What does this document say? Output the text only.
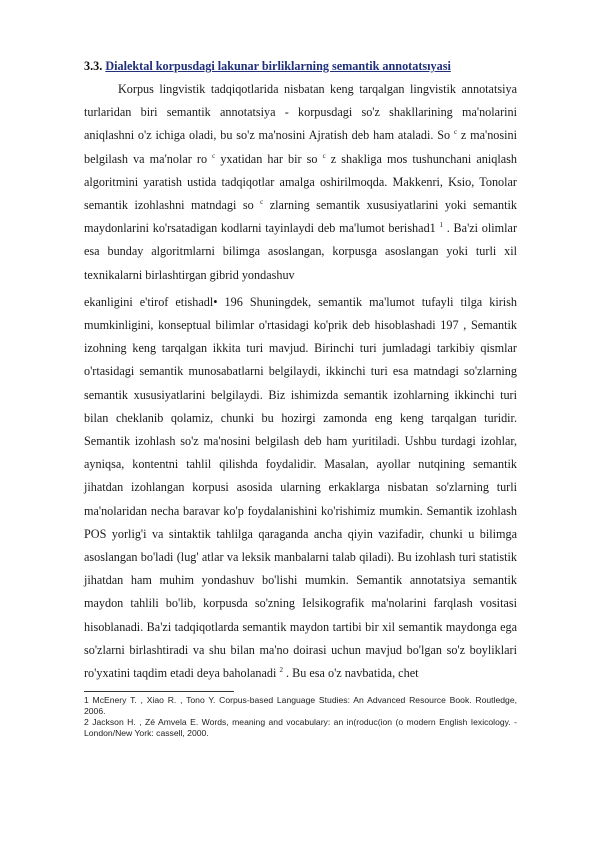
3.3. Dialektal korpusdagi lakunar birliklarning semantik annotatsıyasi

Korpus lingvistik tadqiqotlarida nisbatan keng tarqalgan lingvistik annotatsiya turlaridan biri semantik annotatsiya - korpusdagi so'z shakllarining ma'nolarini aniqlashni o'z ichiga oladi, bu so'z ma'nosini Ajratish deb ham ataladi. So $^c$ z ma'nosini belgilash va ma'nolar ro $^c$ yxatidan har bir so $^c$ z shakliga mos tushunchani aniqlash algoritmini yaratish ustida tadqiqotlar amalga oshirilmoqda. Makkenri, Ksio, Tonolar semantik izohlashni matndagi so $^c$ zlarning semantik xususiyatlarini yoki semantik maydonlarini ko'rsatadigan kodlarni tayinlaydi deb ma'lumot berishad1 $^1$ . Ba'zi olimlar esa bunday algoritmlarni bilimga asoslangan, korpusga asoslangan yoki turli xil texnikalarni birlashtirgan gibrid yondashuv

ekanligini e'tirof etishadl• 196 Shuningdek, semantik ma'lumot tufayli tilga kirish mumkinligini, konseptual bilimlar o'rtasidagi ko'prik deb hisoblashadi 197 , Semantik izohning keng tarqalgan ikkita turi mavjud. Birinchi turi jumladagi tarkibiy qismlar o'rtasidagi semantik munosabatlarni belgilaydi, ikkinchi turi esa matndagi so'zlarning semantik xususiyatlarini belgilaydi. Biz ishimizda semantik izohlarning ikkinchi turi bilan cheklanib qolamiz, chunki bu hozirgi zamonda eng keng tarqalgan turidir. Semantik izohlash so'z ma'nosini belgilash deb ham yuritiladi. Ushbu turdagi izohlar, ayniqsa, kontentni tahlil qilishda foydalidir. Masalan, ayollar nutqining semantik jihatdan izohlangan korpusi asosida ularning erkaklarga nisbatan so'zlarning turli ma'nolaridan necha baravar ko'p foydalanishini ko'rishimiz mumkin. Semantik izohlash POS yorlig'i va sintaktik tahlilga qaraganda ancha qiyin vazifadir, chunki u bilimga asoslangan bo'ladi (lug' atlar va leksik manbalarni talab qiladi). Bu izohlash turi statistik jihatdan ham muhim yondashuv bo'lishi mumkin. Semantik annotatsiya semantik maydon tahlili bo'lib, korpusda so'zning Ielsikografik ma'nolarini farqlash vositasi hisoblanadi. Ba'zi tadqiqotlarda semantik maydon tartibi bir xil semantik maydonga ega so'zlarni birlashtiradi va shu bilan ma'no doirasi uchun mavjud bo'lgan so'z boyliklari ro'yxatini taqdim etadi deya baholanadi $^2$ . Bu esa o'z navbatida, chet

1 McEnery T. , Xiao R. , Tono Y. Corpus-based Language Studies: An Advanced Resource Book. Routledge, 2006.
2 Jackson H. , Zé Amvela E. Words, meaning and vocabulary: an in(roduc(ion (o modern English Iexicology. - London/New York: cassell, 2000.
